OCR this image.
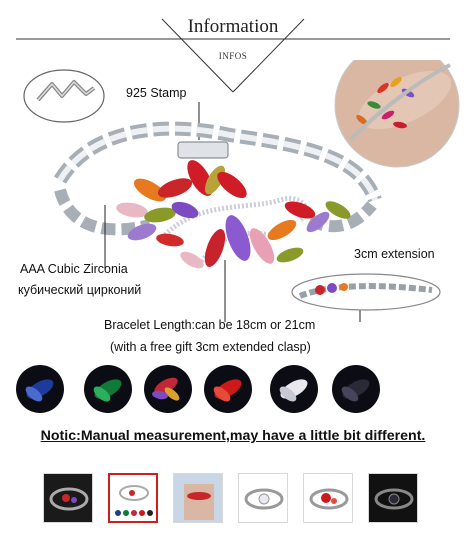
Information
INFOS
925 Stamp
AAA Cubic Zirconia
кубический цирконий
3cm extension
Bracelet Length:can be 18cm or 21cm
(with a free gift 3cm extended clasp)
Notic:Manual measurement,may have a little bit different.
